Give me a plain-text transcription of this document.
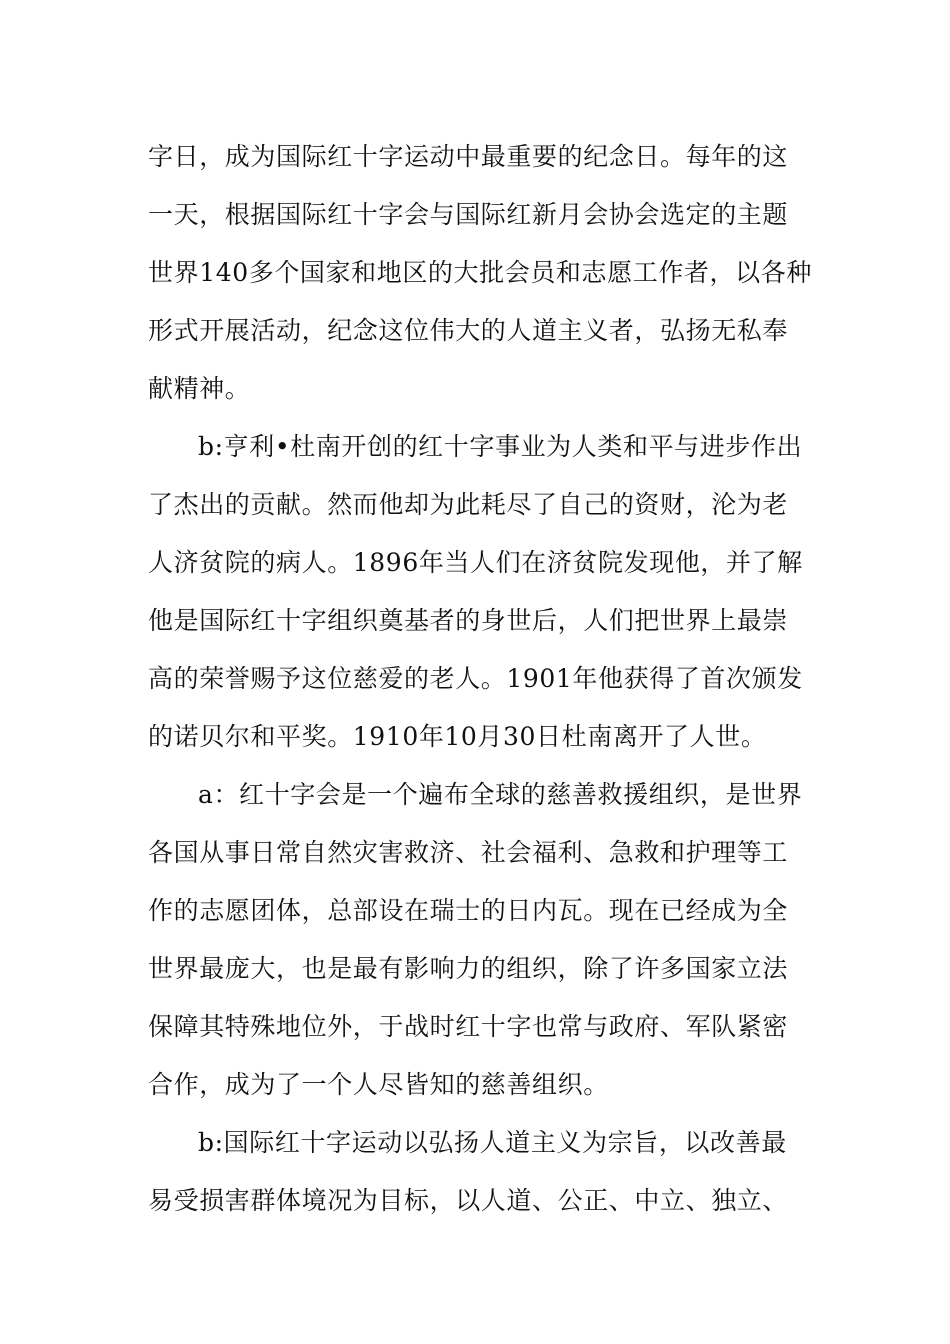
字日，成为国际红十字运动中最重要的纪念日。每年的这
一天，根据国际红十字会与国际红新月会协会选定的主题
世界140多个国家和地区的大批会员和志愿工作者，以各种
形式开展活动，纪念这位伟大的人道主义者，弘扬无私奉
献精神。
b:亨利•杜南开创的红十字事业为人类和平与进步作出
了杰出的贡献。然而他却为此耗尽了自己的资财，沦为老
人济贫院的病人。1896年当人们在济贫院发现他，并了解
他是国际红十字组织奠基者的身世后，人们把世界上最崇
高的荣誉赐予这位慈爱的老人。1901年他获得了首次颁发
的诺贝尔和平奖。1910年10月30日杜南离开了人世。
a：红十字会是一个遍布全球的慈善救援组织，是世界
各国从事日常自然灾害救济、社会福利、急救和护理等工
作的志愿团体，总部设在瑞士的日内瓦。现在已经成为全
世界最庞大，也是最有影响力的组织，除了许多国家立法
保障其特殊地位外，于战时红十字也常与政府、军队紧密
合作，成为了一个人尽皆知的慈善组织。
b:国际红十字运动以弘扬人道主义为宗旨，以改善最
易受损害群体境况为目标，以人道、公正、中立、独立、
